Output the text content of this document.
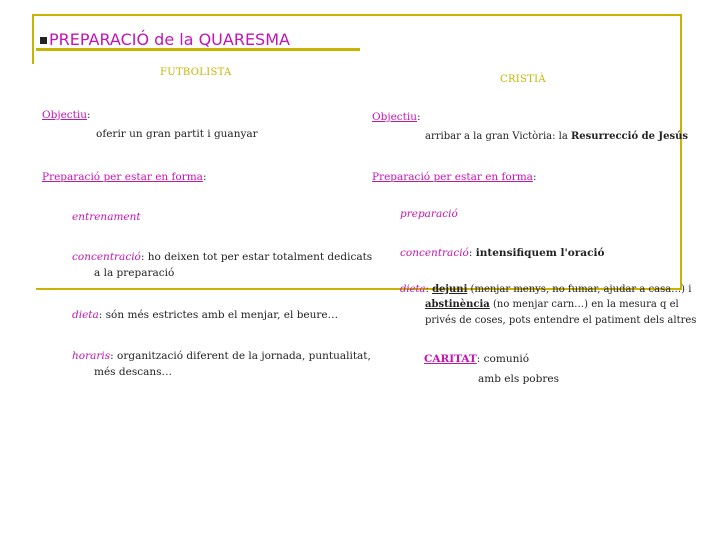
PREPARACIÓ de la QUARESMA
FUTBOLISTA
Objectiu:
oferir un gran partit i guanyar
Preparació per estar en forma:
entrenament
concentració: ho deixen tot per estar totalment dedicats
a la preparació
dieta: són més estrictes amb el menjar, el beure…
horaris: organització diferent de la jornada, puntualitat,
més descans…
CRISTIÀ
Objectiu:
arribar a la gran Victòria: la Resurrecció de Jesús
Preparació per estar en forma:
preparació
concentració: intensifiquem l'oració
dieta: dejuni (menjar menys, no fumar, ajudar a casa…) i
abstinència (no menjar carn…) en la mesura q el
privés de coses, pots entendre el patiment dels altres
CARITAT: comunió
amb els pobres
